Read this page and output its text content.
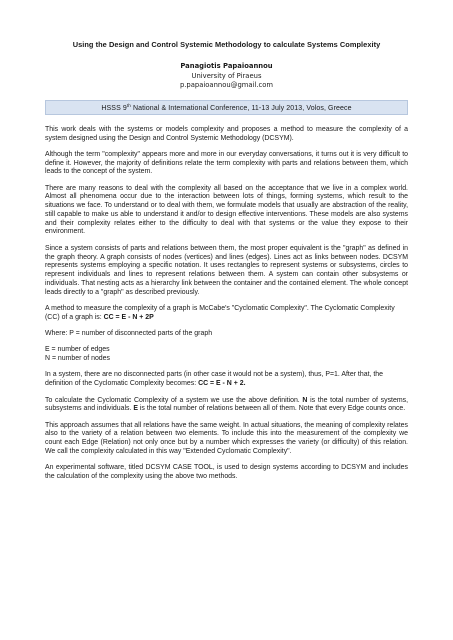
Using the Design and Control Systemic Methodology to calculate Systems Complexity
Panagiotis Papaioannou
University of Piraeus
p.papaioannou@gmail.com
HSSS 9th National & International Conference, 11-13 July 2013, Volos, Greece

This work deals with the systems or models complexity and proposes a method to measure the complexity of a system designed using the Design and Control Systemic Methodology (DCSYM).

Although the term "complexity" appears more and more in our everyday conversations, it turns out it is very difficult to define it. However, the majority of definitions relate the term complexity with parts and relations between them, which leads to the concept of the system.

There are many reasons to deal with the complexity all based on the acceptance that we live in a complex world. Almost all phenomena occur due to the interaction between lots of things, forming systems, which result to the situations we face. To understand or to deal with them, we formulate models that usually are abstraction of the reality, still capable to make us able to understand it and/or to design effective interventions. These models are also systems and their complexity relates either to the difficulty to deal with that systems or the value they expose to their environment.

Since a system consists of parts and relations between them, the most proper equivalent is the "graph" as defined in the graph theory. A graph consists of nodes (vertices) and lines (edges). Lines act as links between nodes. DCSYM represents systems employing a specific notation. It uses rectangles to represent systems or subsystems, circles to represent individuals and lines to represent relations between them. A system can contain other subsystems or individuals. That nesting acts as a hierarchy link between the container and the contained element. The whole concept leads directly to a "graph" as described previously.

A method to measure the complexity of a graph is McCabe's "Cyclomatic Complexity". The Cyclomatic Complexity (CC) of a graph is: CC = E - N + 2P

Where: P = number of disconnected parts of the graph

E = number of edges
N = number of nodes

In a system, there are no disconnected parts (in other case it would not be a system), thus, P=1. After that, the definition of the Cyclomatic Complexity becomes: CC = E - N + 2.

To calculate the Cyclomatic Complexity of a system we use the above definition. N is the total number of systems, subsystems and individuals. E is the total number of relations between all of them. Note that every Edge counts once.

This approach assumes that all relations have the same weight. In actual situations, the meaning of complexity relates also to the variety of a relation between two elements. To include this into the measurement of the complexity we count each Edge (Relation) not only once but by a number which expresses the variety (or difficulty) of this relation. We call the complexity calculated in this way "Extended Cyclomatic Complexity".

An experimental software, titled DCSYM CASE TOOL, is used to design systems according to DCSYM and includes the calculation of the complexity using the above two methods.
